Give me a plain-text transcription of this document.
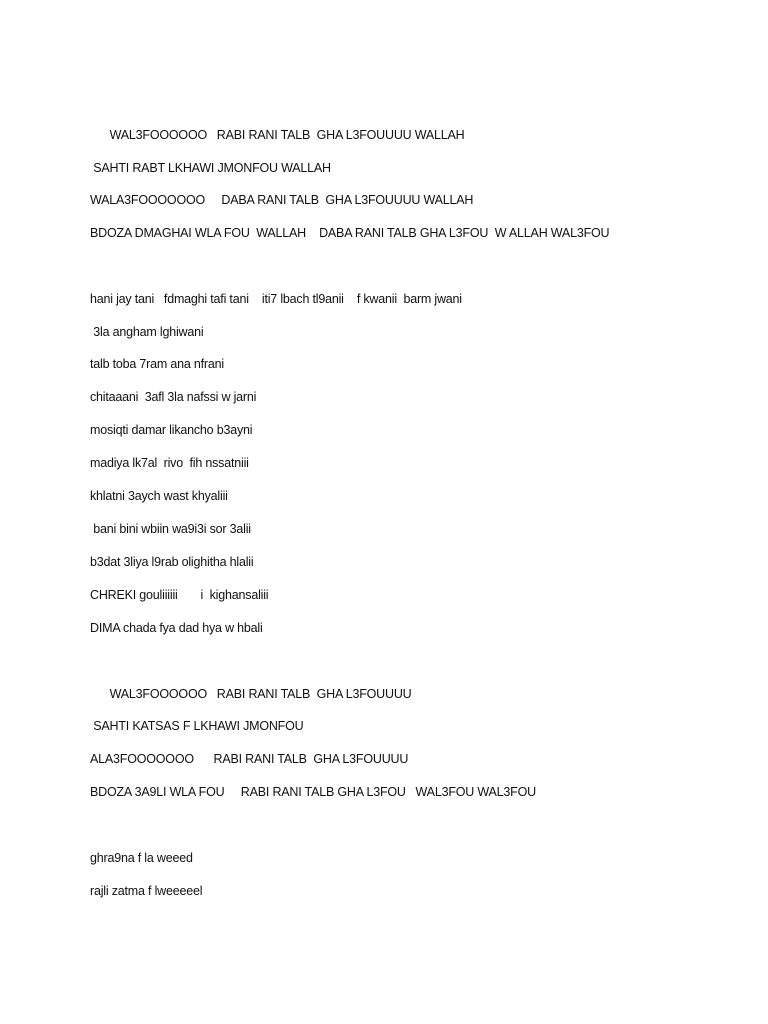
WAL3FOOOOOO   RABI RANI TALB  GHA L3FOUUUU WALLAH
SAHTI RABT LKHAWI JMONFOU WALLAH
WALA3FOOOOOOO     DABA RANI TALB  GHA L3FOUUUU WALLAH
BDOZA DMAGHAI WLA FOU  WALLAH    DABA RANI TALB GHA L3FOU  W ALLAH WAL3FOU
hani jay tani   fdmaghi tafi tani    iti7 lbach tl9anii    f kwanii  barm jwani
3la angham lghiwani
talb toba 7ram ana nfrani
chitaaani  3afl 3la nafssi w jarni
mosiqti damar likancho b3ayni
madiya lk7al  rivo  fih nssatniii
khlatni 3aych wast khyaliii
bani bini wbiin wa9i3i sor 3alii
b3dat 3liya l9rab olighitha hlalii
CHREKI gouliiiiii       i  kighansaliii
DIMA chada fya dad hya w hbali
WAL3FOOOOOO   RABI RANI TALB  GHA L3FOUUUU
SAHTI KATSAS F LKHAWI JMONFOU
ALA3FOOOOOOO      RABI RANI TALB  GHA L3FOUUUU
BDOZA 3A9LI WLA FOU     RABI RANI TALB GHA L3FOU   WAL3FOU WAL3FOU
ghra9na f la weeed
rajli zatma f lweeeeel
